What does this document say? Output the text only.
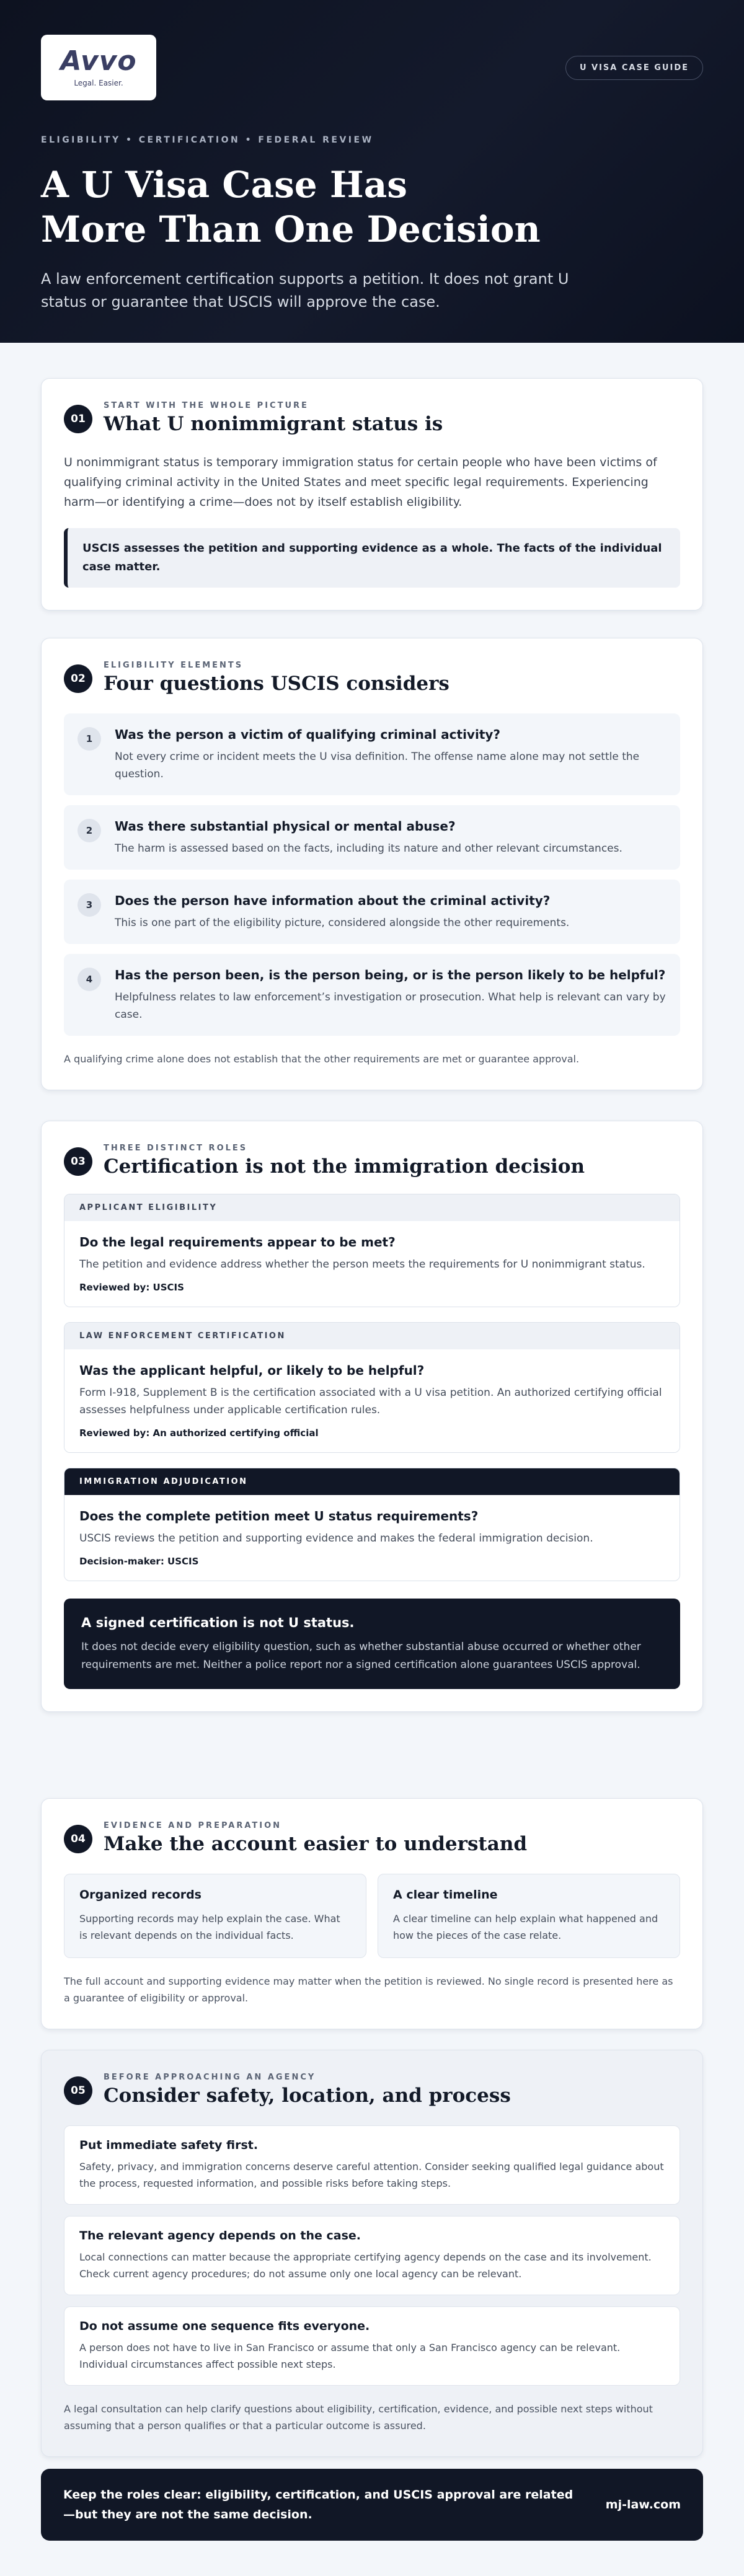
Avvo
Legal. Easier.
U VISA CASE GUIDE
ELIGIBILITY • CERTIFICATION • FEDERAL REVIEW
A U Visa Case Has
More Than One Decision

A law enforcement certification supports a petition. It does not grant U status or guarantee that USCIS will approve the case.

01
START WITH THE WHOLE PICTURE
What U nonimmigrant status is

U nonimmigrant status is temporary immigration status for certain people who have been victims of qualifying criminal activity in the United States and meet specific legal requirements. Experiencing harm—or identifying a crime—does not by itself establish eligibility.

USCIS assesses the petition and supporting evidence as a whole. The facts of the individual case matter.
02
ELIGIBILITY ELEMENTS
Four questions USCIS considers
1	Was the person a victim of qualifying criminal activity?
Not every crime or incident meets the U visa definition. The offense name alone may not settle the question.
2	Was there substantial physical or mental abuse?
The harm is assessed based on the facts, including its nature and other relevant circumstances.
3	Does the person have information about the criminal activity?
This is one part of the eligibility picture, considered alongside the other requirements.
4	Has the person been, is the person being, or is the person likely to be helpful?
Helpfulness relates to law enforcement’s investigation or prosecution. What help is relevant can vary by case.

A qualifying crime alone does not establish that the other requirements are met or guarantee approval.

03
THREE DISTINCT ROLES
Certification is not the immigration decision
APPLICANT ELIGIBILITY
Do the legal requirements appear to be met?
The petition and evidence address whether the person meets the requirements for U nonimmigrant status.
Reviewed by: USCIS
LAW ENFORCEMENT CERTIFICATION
Was the applicant helpful, or likely to be helpful?
Form I-918, Supplement B is the certification associated with a U visa petition. An authorized certifying official assesses helpfulness under applicable certification rules.
Reviewed by: An authorized certifying official
IMMIGRATION ADJUDICATION
Does the complete petition meet U status requirements?
USCIS reviews the petition and supporting evidence and makes the federal immigration decision.
Decision-maker: USCIS
A signed certification is not U status.
It does not decide every eligibility question, such as whether substantial abuse occurred or whether other requirements are met. Neither a police report nor a signed certification alone guarantees USCIS approval.
04
EVIDENCE AND PREPARATION
Make the account easier to understand
Organized records
Supporting records may help explain the case. What is relevant depends on the individual facts.
A clear timeline
A clear timeline can help explain what happened and how the pieces of the case relate.

The full account and supporting evidence may matter when the petition is reviewed. No single record is presented here as a guarantee of eligibility or approval.

05
BEFORE APPROACHING AN AGENCY
Consider safety, location, and process
Put immediate safety first.
Safety, privacy, and immigration concerns deserve careful attention. Consider seeking qualified legal guidance about the process, requested information, and possible risks before taking steps.
The relevant agency depends on the case.
Local connections can matter because the appropriate certifying agency depends on the case and its involvement. Check current agency procedures; do not assume only one local agency can be relevant.
Do not assume one sequence fits everyone.
A person does not have to live in San Francisco or assume that only a San Francisco agency can be relevant. Individual circumstances affect possible next steps.

A legal consultation can help clarify questions about eligibility, certification, evidence, and possible next steps without assuming that a person qualifies or that a particular outcome is assured.

Keep the roles clear: eligibility, certification, and USCIS approval are related—but they are not the same decision.
mj-law.com
